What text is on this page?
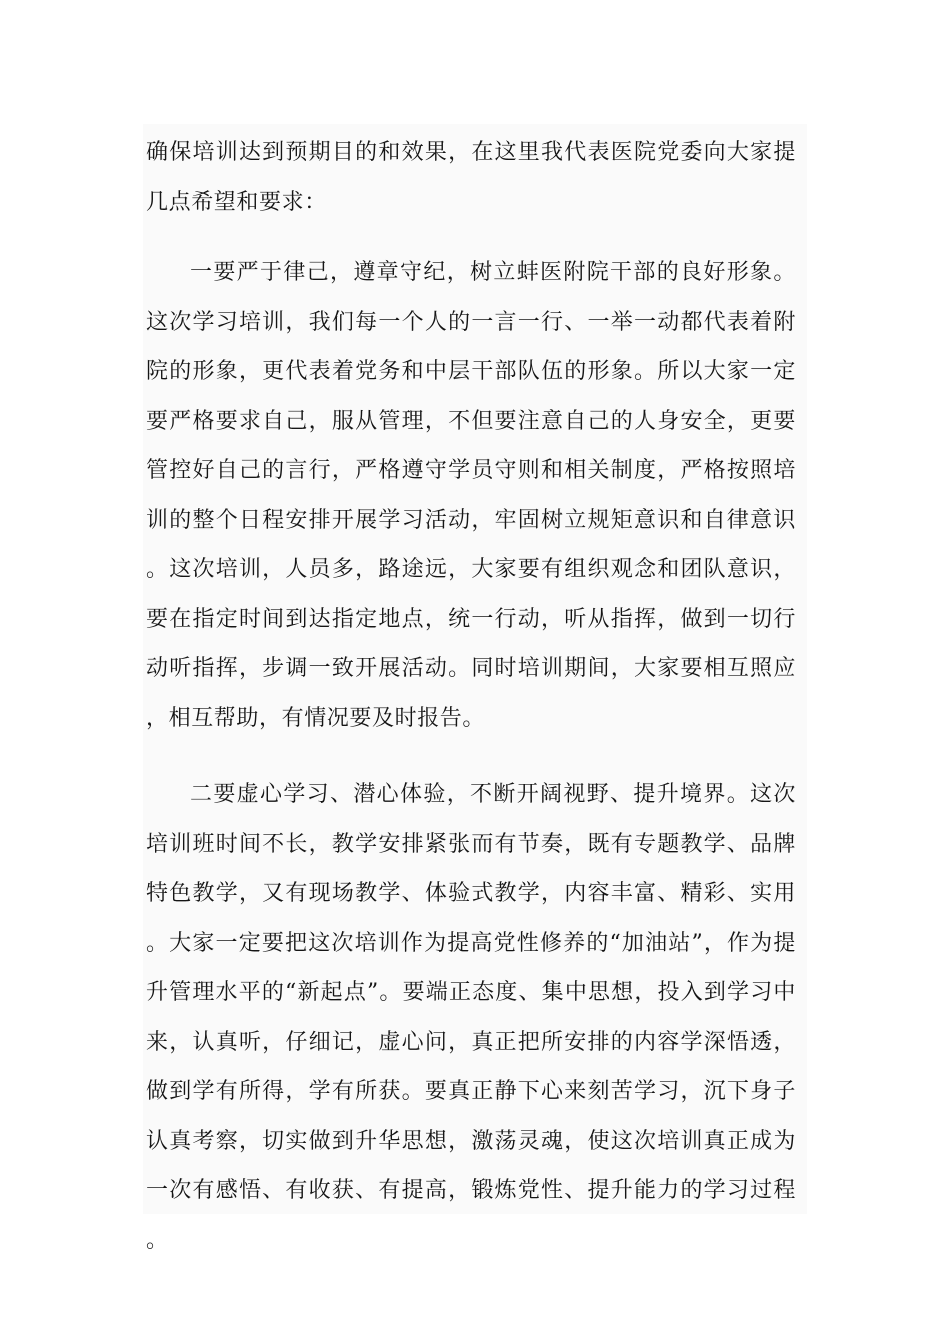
确保培训达到预期目的和效果，在这里我代表医院党委向大家提几点希望和要求：

一要严于律己，遵章守纪，树立蚌医附院干部的良好形象。这次学习培训，我们每一个人的一言一行、一举一动都代表着附院的形象，更代表着党务和中层干部队伍的形象。所以大家一定要严格要求自己，服从管理，不但要注意自己的人身安全，更要管控好自己的言行，严格遵守学员守则和相关制度，严格按照培训的整个日程安排开展学习活动，牢固树立规矩意识和自律意识。这次培训，人员多，路途远，大家要有组织观念和团队意识，要在指定时间到达指定地点，统一行动，听从指挥，做到一切行动听指挥，步调一致开展活动。同时培训期间，大家要相互照应，相互帮助，有情况要及时报告。

二要虚心学习、潜心体验，不断开阔视野、提升境界。这次培训班时间不长，教学安排紧张而有节奏，既有专题教学、品牌特色教学，又有现场教学、体验式教学，内容丰富、精彩、实用。大家一定要把这次培训作为提高党性修养的“加油站”，作为提升管理水平的“新起点”。要端正态度、集中思想，投入到学习中来，认真听，仔细记，虚心问，真正把所安排的内容学深悟透，做到学有所得，学有所获。要真正静下心来刻苦学习，沉下身子认真考察，切实做到升华思想，激荡灵魂，使这次培训真正成为一次有感悟、有收获、有提高，锻炼党性、提升能力的学习过程。
